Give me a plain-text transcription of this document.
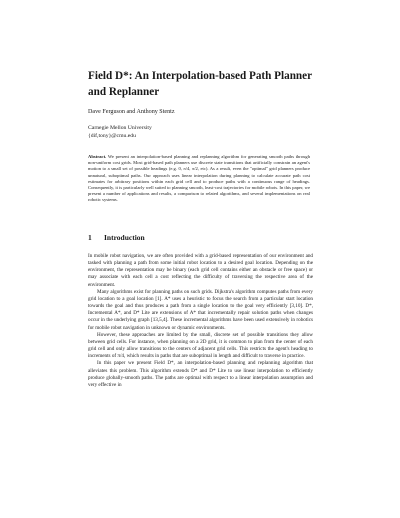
Field D*: An Interpolation-based Path Planner and Replanner
Dave Ferguson and Anthony Stentz
Carnegie Mellon University
{dif,tony}@cmu.edu
Abstract. We present an interpolation-based planning and replanning algorithm for generating smooth paths through non-uniform cost grids. Most grid-based path planners use discrete state transitions that artificially constrain an agent's motion to a small set of possible headings (e.g. 0, π/4, π/2, etc). As a result, even the "optimal" grid planners produce unnatural, suboptimal paths. Our approach uses linear interpolation during planning to calculate accurate path cost estimates for arbitrary positions within each grid cell and to produce paths with a continuous range of headings. Consequently, it is particularly well suited to planning smooth, least-cost trajectories for mobile robots. In this paper, we present a number of applications and results, a comparison to related algorithms, and several implementations on real robotic systems.
1 Introduction

In mobile robot navigation, we are often provided with a grid-based representation of our environment and tasked with planning a path from some initial robot location to a desired goal location. Depending on the environment, the representation may be binary (each grid cell contains either an obstacle or free space) or may associate with each cell a cost reflecting the difficulty of traversing the respective area of the environment.

Many algorithms exist for planning paths on such grids. Dijkstra's algorithm computes paths from every grid location to a goal location [1]. A* uses a heuristic to focus the search from a particular start location towards the goal and thus produces a path from a single location to the goal very efficiently [3,10]. D*, Incremental A*, and D* Lite are extensions of A* that incrementally repair solution paths when changes occur in the underlying graph [13,5,4]. These incremental algorithms have been used extensively in robotics for mobile robot navigation in unknown or dynamic environments.

However, these approaches are limited by the small, discrete set of possible transitions they allow between grid cells. For instance, when planning on a 2D grid, it is common to plan from the center of each grid cell and only allow transitions to the centers of adjacent grid cells. This restricts the agent's heading to increments of π/4, which results in paths that are suboptimal in length and difficult to traverse in practice.

In this paper we present Field D*, an interpolation-based planning and replanning algorithm that alleviates this problem. This algorithm extends D* and D* Lite to use linear interpolation to efficiently produce globally-smooth paths. The paths are optimal with respect to a linear interpolation assumption and very effective in
